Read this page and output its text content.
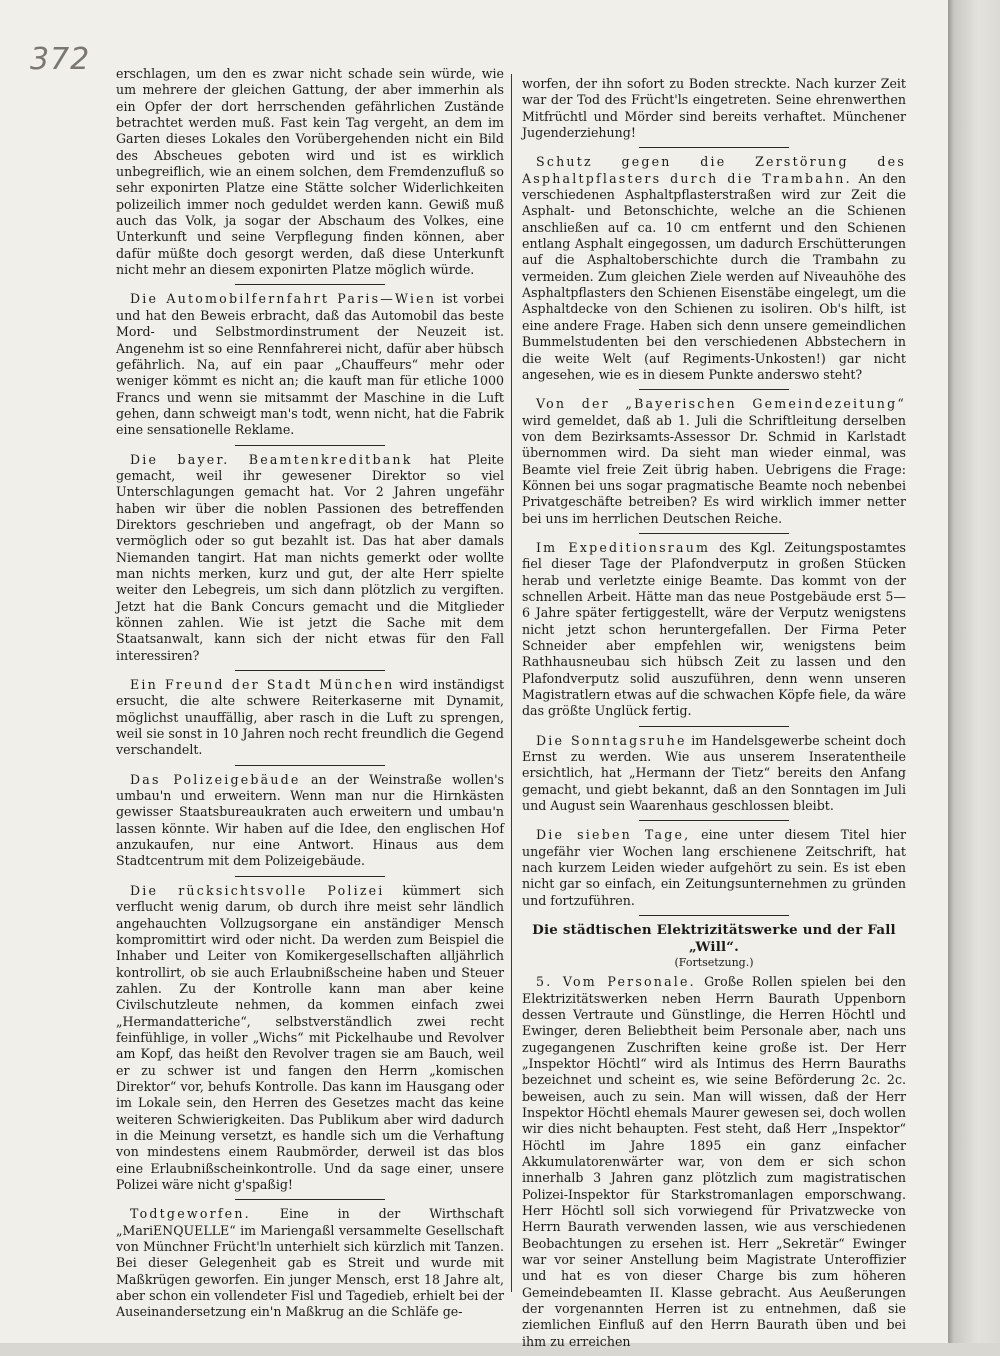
372 erschlagen, um den es zwar nicht schade sein würde, wie um mehrere der gleichen Gattung, der aber immerhin als ein Opfer der dort herrschenden gefährlichen Zustände betrachtet werden muß. Fast kein Tag vergeht, an dem im Garten dieses Lokales den Vorübergehenden nicht ein Bild des Abscheues geboten wird und ist es wirklich unbegreiflich, wie an einem solchen, dem Fremdenzufluß so sehr exponirten Platze eine Stätte solcher Widerlichkeiten polizeilich immer noch geduldet werden kann. Gewiß muß auch das Volk, ja sogar der Abschaum des Volkes, eine Unterkunft und seine Verpflegung finden können, aber dafür müßte doch gesorgt werden, daß diese Unterkunft nicht mehr an diesem exponirten Platze möglich würde.

Die Automobilfernfahrt Paris—Wien ist vorbei und hat den Beweis erbracht, daß das Automobil das beste Mord- und Selbstmordinstrument der Neuzeit ist. Angenehm ist so eine Rennfahrerei nicht, dafür aber hübsch gefährlich. Na, auf ein paar „Chauffeurs“ mehr oder weniger kömmt es nicht an; die kauft man für etliche 1000 Francs und wenn sie mitsammt der Maschine in die Luft gehen, dann schweigt man's todt, wenn nicht, hat die Fabrik eine sensationelle Reklame.

Die bayer. Beamtenkreditbank hat Pleite gemacht, weil ihr gewesener Direktor so viel Unterschlagungen gemacht hat. Vor 2 Jahren ungefähr haben wir über die noblen Passionen des betreffenden Direktors geschrieben und angefragt, ob der Mann so vermöglich oder so gut bezahlt ist. Das hat aber damals Niemanden tangirt. Hat man nichts gemerkt oder wollte man nichts merken, kurz und gut, der alte Herr spielte weiter den Lebegreis, um sich dann plötzlich zu vergiften. Jetzt hat die Bank Concurs gemacht und die Mitglieder können zahlen. Wie ist jetzt die Sache mit dem Staatsanwalt, kann sich der nicht etwas für den Fall interessiren?

Ein Freund der Stadt München wird inständigst ersucht, die alte schwere Reiterkaserne mit Dynamit, möglichst unauffällig, aber rasch in die Luft zu sprengen, weil sie sonst in 10 Jahren noch recht freundlich die Gegend verschandelt.

Das Polizeigebäude an der Weinstraße wollen's umbau'n und erweitern. Wenn man nur die Hirnkästen gewisser Staatsbureaukraten auch erweitern und umbau'n lassen könnte. Wir haben auf die Idee, den englischen Hof anzukaufen, nur eine Antwort. Hinaus aus dem Stadtcentrum mit dem Polizeigebäude.

Die rücksichtsvolle Polizei kümmert sich verflucht wenig darum, ob durch ihre meist sehr ländlich angehauchten Vollzugsorgane ein anständiger Mensch kompromittirt wird oder nicht. Da werden zum Beispiel die Inhaber und Leiter von Komikergesellschaften alljährlich kontrollirt, ob sie auch Erlaubnißscheine haben und Steuer zahlen. Zu der Kontrolle kann man aber keine Civilschutzleute nehmen, da kommen einfach zwei „Hermandatteriche“, selbstverständlich zwei recht feinfühlige, in voller „Wichs“ mit Pickelhaube und Revolver am Kopf, das heißt den Revolver tragen sie am Bauch, weil er zu schwer ist und fangen den Herrn „komischen Direktor“ vor, behufs Kontrolle. Das kann im Hausgang oder im Lokale sein, den Herren des Gesetzes macht das keine weiteren Schwierigkeiten. Das Publikum aber wird dadurch in die Meinung versetzt, es handle sich um die Verhaftung von mindestens einem Raubmörder, derweil ist das blos eine Erlaubnißscheinkontrolle. Und da sage einer, unsere Polizei wäre nicht g'spaßig!

Todtgeworfen. Eine in der Wirthschaft „MariENQUELLE“ im Mariengaßl versammelte Gesellschaft von Münchner Frücht'ln unterhielt sich kürzlich mit Tanzen. Bei dieser Gelegenheit gab es Streit und wurde mit Maßkrügen geworfen. Ein junger Mensch, erst 18 Jahre alt, aber schon ein vollendeter Fisl und Tagedieb, erhielt bei der Auseinandersetzung ein'n Maßkrug an die Schläfe ge-

worfen, der ihn sofort zu Boden streckte. Nach kurzer Zeit war der Tod des Frücht'ls eingetreten. Seine ehrenwerthen Mitfrüchtl und Mörder sind bereits verhaftet. Münchener Jugenderziehung!

Schutz gegen die Zerstörung des Asphaltpflasters durch die Trambahn. An den verschiedenen Asphaltpflasterstraßen wird zur Zeit die Asphalt- und Betonschichte, welche an die Schienen anschließen auf ca. 10 cm entfernt und den Schienen entlang Asphalt eingegossen, um dadurch Erschütterungen auf die Asphaltoberschichte durch die Trambahn zu vermeiden. Zum gleichen Ziele werden auf Niveauhöhe des Asphaltpflasters den Schienen Eisenstäbe eingelegt, um die Asphaltdecke von den Schienen zu isoliren. Ob's hilft, ist eine andere Frage. Haben sich denn unsere gemeindlichen Bummelstudenten bei den verschiedenen Abbstechern in die weite Welt (auf Regiments-Unkosten!) gar nicht angesehen, wie es in diesem Punkte anderswo steht?

Von der „Bayerischen Gemeindezeitung“ wird gemeldet, daß ab 1. Juli die Schriftleitung derselben von dem Bezirksamts-Assessor Dr. Schmid in Karlstadt übernommen wird. Da sieht man wieder einmal, was Beamte viel freie Zeit übrig haben. Uebrigens die Frage: Können bei uns sogar pragmatische Beamte noch nebenbei Privatgeschäfte betreiben? Es wird wirklich immer netter bei uns im herrlichen Deutschen Reiche.

Im Expeditionsraum des Kgl. Zeitungspostamtes fiel dieser Tage der Plafondverputz in großen Stücken herab und verletzte einige Beamte. Das kommt von der schnellen Arbeit. Hätte man das neue Postgebäude erst 5—6 Jahre später fertiggestellt, wäre der Verputz wenigstens nicht jetzt schon heruntergefallen. Der Firma Peter Schneider aber empfehlen wir, wenigstens beim Rathhausneubau sich hübsch Zeit zu lassen und den Plafondverputz solid auszuführen, denn wenn unseren Magistratlern etwas auf die schwachen Köpfe fiele, da wäre das größte Unglück fertig.

Die Sonntagsruhe im Handelsgewerbe scheint doch Ernst zu werden. Wie aus unserem Inseratentheile ersichtlich, hat „Hermann der Tietz“ bereits den Anfang gemacht, und giebt bekannt, daß an den Sonntagen im Juli und August sein Waarenhaus geschlossen bleibt.

Die sieben Tage, eine unter diesem Titel hier ungefähr vier Wochen lang erschienene Zeitschrift, hat nach kurzem Leiden wieder aufgehört zu sein. Es ist eben nicht gar so einfach, ein Zeitungsunternehmen zu gründen und fortzuführen.

Die städtischen Elektrizitätswerke und der Fall „Will“.
(Fortsetzung.)

5. Vom Personale. Große Rollen spielen bei den Elektrizitätswerken neben Herrn Baurath Uppenborn dessen Vertraute und Günstlinge, die Herren Höchtl und Ewinger, deren Beliebtheit beim Personale aber, nach uns zugegangenen Zuschriften keine große ist. Der Herr „Inspektor Höchtl“ wird als Intimus des Herrn Bauraths bezeichnet und scheint es, wie seine Beförderung 2c. 2c. beweisen, auch zu sein. Man will wissen, daß der Herr Inspektor Höchtl ehemals Maurer gewesen sei, doch wollen wir dies nicht behaupten. Fest steht, daß Herr „Inspektor“ Höchtl im Jahre 1895 ein ganz einfacher Akkumulatorenwärter war, von dem er sich schon innerhalb 3 Jahren ganz plötzlich zum magistratischen Polizei-Inspektor für Starkstromanlagen emporschwang. Herr Höchtl soll sich vorwiegend für Privatzwecke von Herrn Baurath verwenden lassen, wie aus verschiedenen Beobachtungen zu ersehen ist. Herr „Sekretär“ Ewinger war vor seiner Anstellung beim Magistrate Unteroffizier und hat es von dieser Charge bis zum höheren Gemeindebeamten II. Klasse gebracht. Aus Aeußerungen der vorgenannten Herren ist zu entnehmen, daß sie ziemlichen Einfluß auf den Herrn Baurath üben und bei ihm zu erreichen
